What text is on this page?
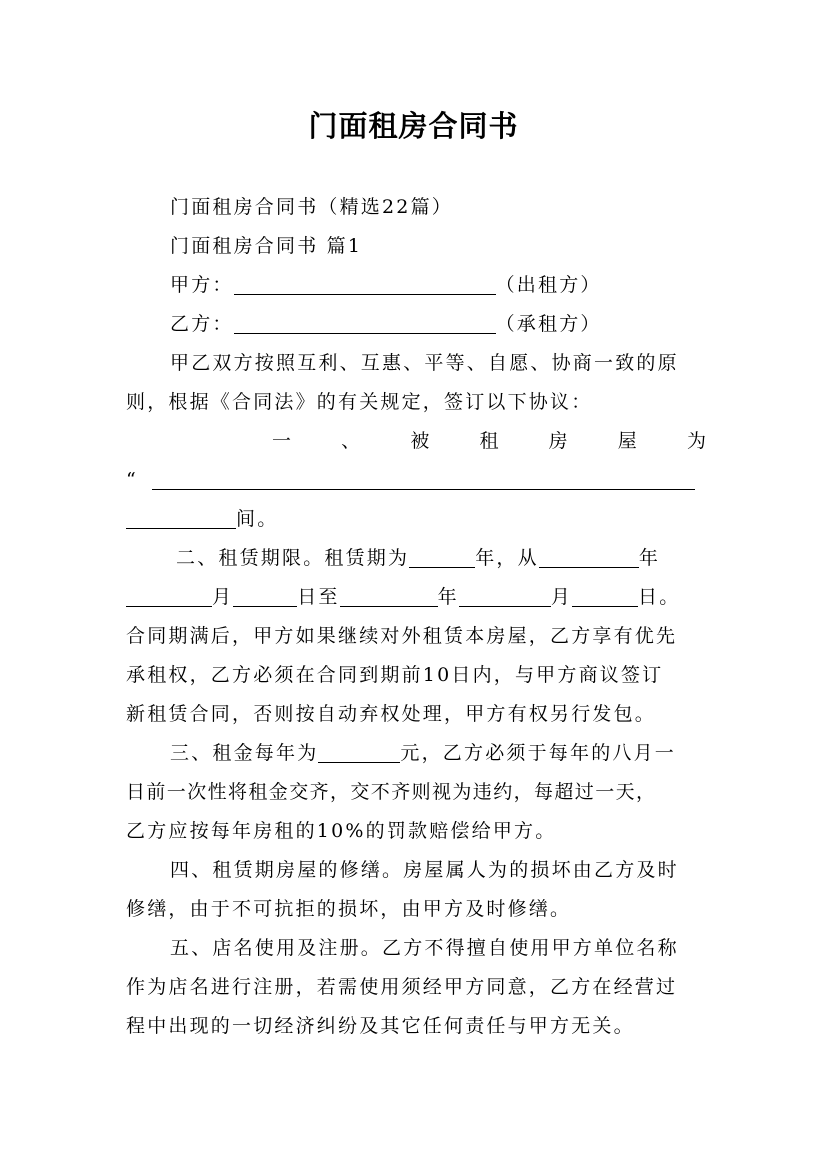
门面租房合同书
门面租房合同书（精选22篇）
门面租房合同书 篇1
甲方：	（出租方）
乙方：	（承租方）
甲乙双方按照互利、互惠、平等、自愿、协商一致的原
则，根据《合同法》的有关规定，签订以下协议：
一	、	被	租	房	屋	为
“
间。
二、租赁期限。租赁期为	年，从	年
月	日至	年	月	日。
合同期满后，甲方如果继续对外租赁本房屋，乙方享有优先
承租权，乙方必须在合同到期前10日内，与甲方商议签订
新租赁合同，否则按自动弃权处理，甲方有权另行发包。
三、租金每年为	元，乙方必须于每年的八月一
日前一次性将租金交齐，交不齐则视为违约，每超过一天，
乙方应按每年房租的10%的罚款赔偿给甲方。
四、租赁期房屋的修缮。房屋属人为的损坏由乙方及时
修缮，由于不可抗拒的损坏，由甲方及时修缮。
五、店名使用及注册。乙方不得擅自使用甲方单位名称
作为店名进行注册，若需使用须经甲方同意，乙方在经营过
程中出现的一切经济纠纷及其它任何责任与甲方无关。
